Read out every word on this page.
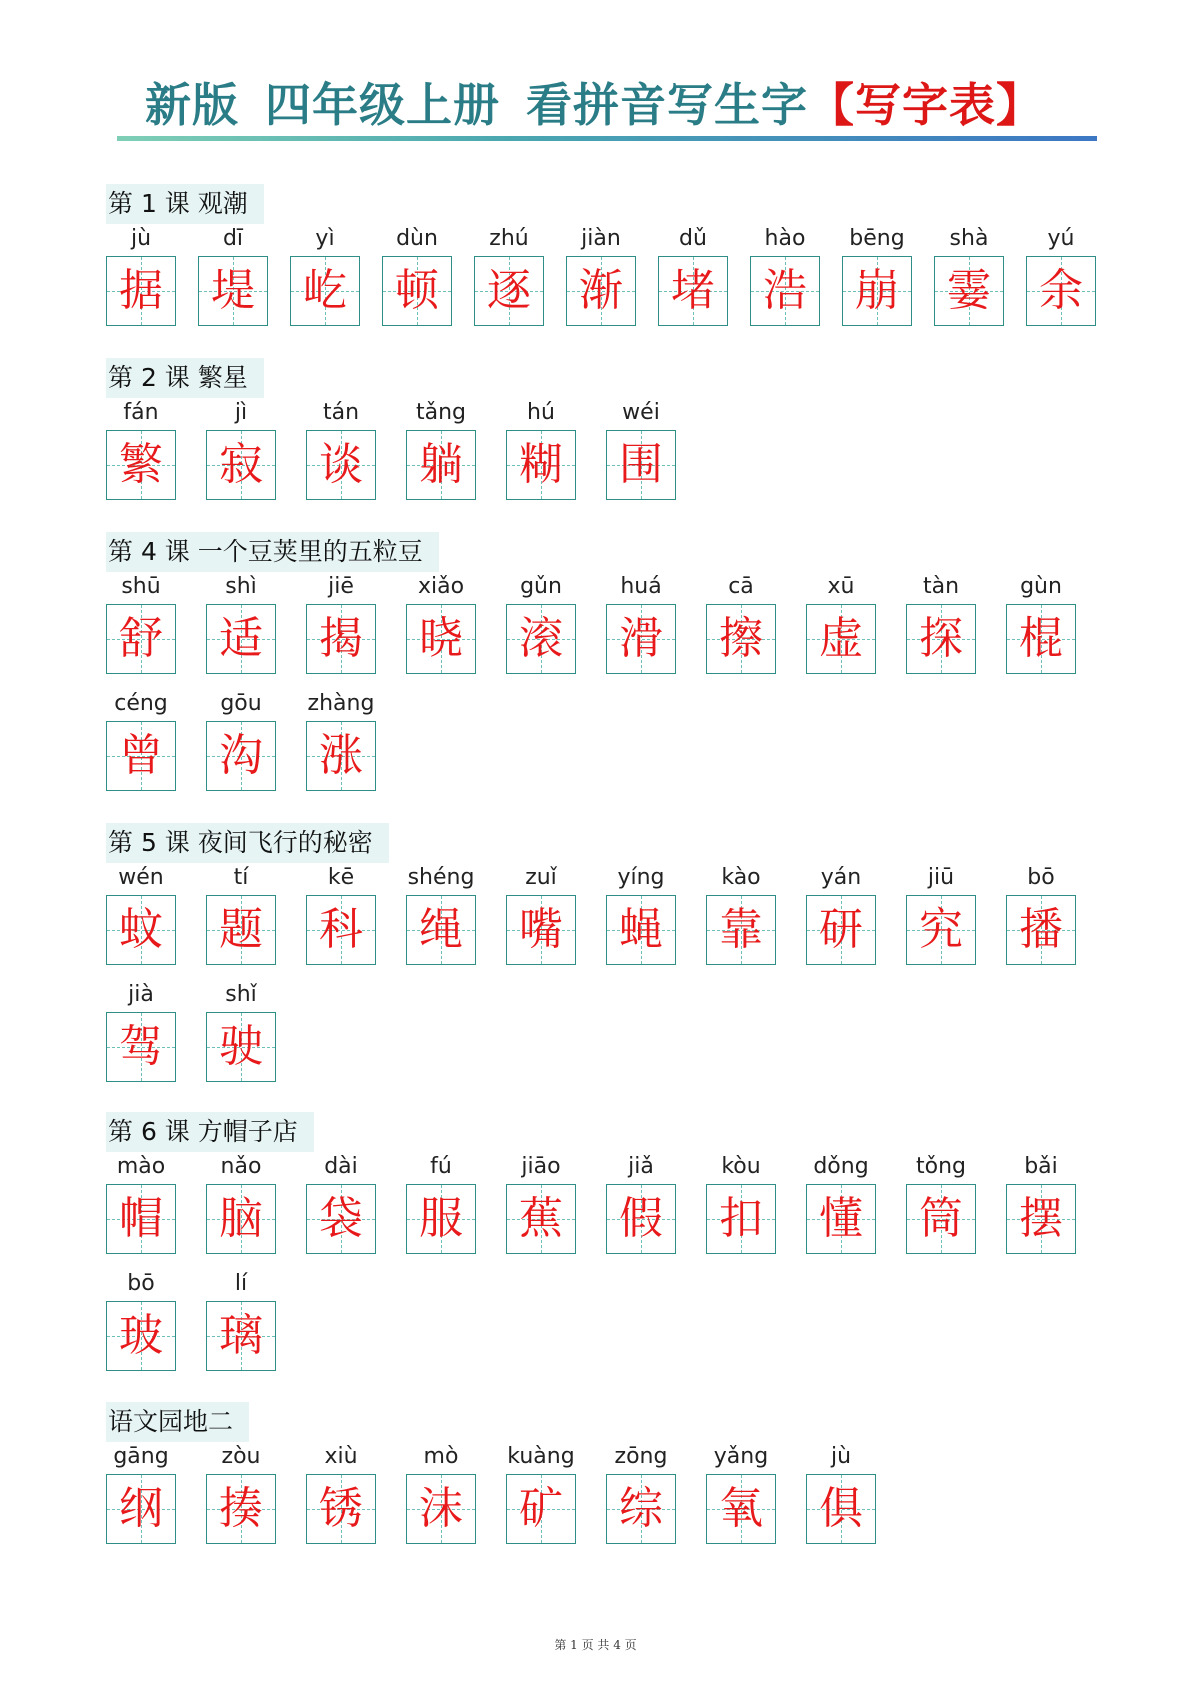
新版 四年级上册 看拼音写生字【写字表】
第 1 课 观潮
jù
据
dī
堤
yì
屹
dùn
顿
zhú
逐
jiàn
渐
dǔ
堵
hào
浩
bēng
崩
shà
霎
yú
余
第 2 课 繁星
fán
繁
jì
寂
tán
谈
tǎng
躺
hú
糊
wéi
围
第 4 课 一个豆荚里的五粒豆
shū
舒
shì
适
jiē
揭
xiǎo
晓
gǔn
滚
huá
滑
cā
擦
xū
虚
tàn
探
gùn
棍
céng
曾
gōu
沟
zhàng
涨
第 5 课 夜间飞行的秘密
wén
蚊
tí
题
kē
科
shéng
绳
zuǐ
嘴
yíng
蝇
kào
靠
yán
研
jiū
究
bō
播
jià
驾
shǐ
驶
第 6 课 方帽子店
mào
帽
nǎo
脑
dài
袋
fú
服
jiāo
蕉
jiǎ
假
kòu
扣
dǒng
懂
tǒng
筒
bǎi
摆
bō
玻
lí
璃
语文园地二
gāng
纲
zòu
揍
xiù
锈
mò
沫
kuàng
矿
zōng
综
yǎng
氧
jù
俱
第 1 页 共 4 页
